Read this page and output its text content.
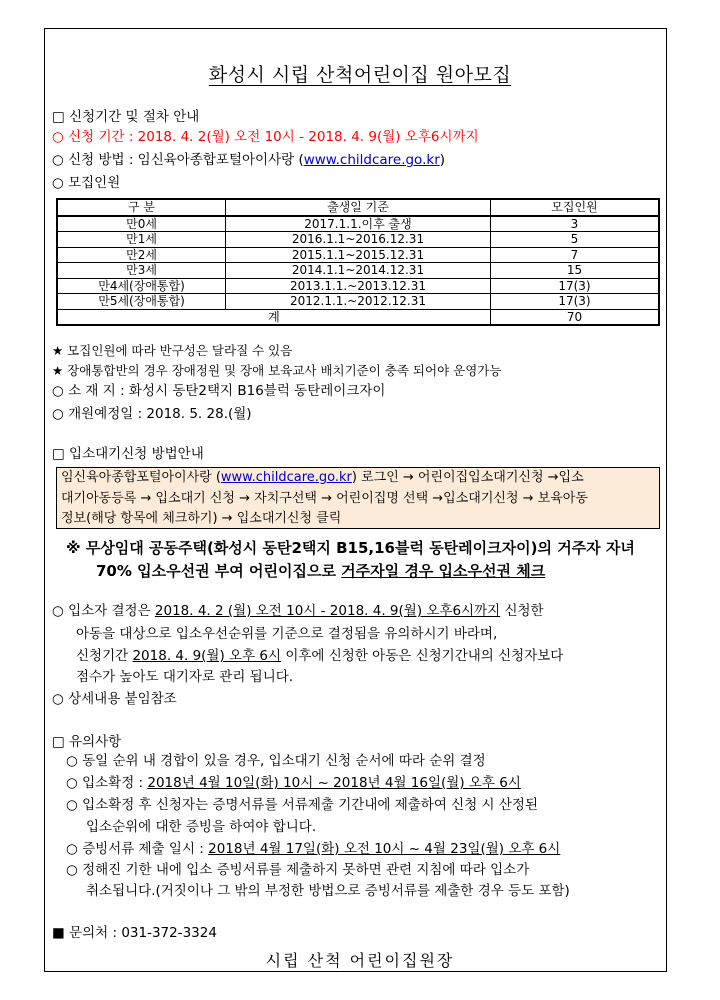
화성시 시립 산척어린이집 원아모집
□ 신청기간 및 절차 안내
○ 신청 기간 : 2018. 4. 2(월) 오전 10시 - 2018. 4. 9(월) 오후6시까지
○ 신청 방법 : 임신육아종합포털아이사랑 (www.childcare.go.kr)
○ 모집인원
구 분	출생일 기준	모집인원
만0세	2017.1.1.이후 출생	3
만1세	2016.1.1~2016.12.31	5
만2세	2015.1.1~2015.12.31	7
만3세	2014.1.1~2014.12.31	15
만4세(장애통합)	2013.1.1.~2013.12.31	17(3)
만5세(장애통합)	2012.1.1.~2012.12.31	17(3)
계		70
★ 모집인원에 따라 반구성은 달라질 수 있음
★ 장애통합반의 경우 장애정원 및 장애 보육교사 배치기준이 충족 되어야 운영가능
○ 소 재 지 : 화성시 동탄2택지 B16블럭 동탄레이크자이
○ 개원예정일 : 2018. 5. 28.(월)
□ 입소대기신청 방법안내
임신육아종합포털아이사랑 (www.childcare.go.kr) 로그인 → 어린이집입소대기신청 →입소
대기아동등록 → 입소대기 신청 → 자치구선택 → 어린이집명 선택 →입소대기신청 → 보육아동
정보(해당 항목에 체크하기) → 입소대기신청 클릭
※ 무상임대 공동주택(화성시 동탄2택지 B15,16블럭 동탄레이크자이)의 거주자 자녀
70% 입소우선권 부여 어린이집으로 거주자일 경우 입소우선권 체크
○ 입소자 결정은 2018. 4. 2 (월) 오전 10시 - 2018. 4. 9(월) 오후6시까지 신청한
아동을 대상으로 입소우선순위를 기준으로 결정됨을 유의하시기 바라며,
신청기간 2018. 4. 9(월) 오후 6시 이후에 신청한 아동은 신청기간내의 신청자보다
점수가 높아도 대기자로 관리 됩니다.
○ 상세내용 붙임참조
□ 유의사항
○ 동일 순위 내 경합이 있을 경우, 입소대기 신청 순서에 따라 순위 결정
○ 입소확정 : 2018년 4월 10일(화) 10시 ~ 2018년 4월 16일(월) 오후 6시
○ 입소확정 후 신청자는 증명서류를 서류제출 기간내에 제출하여 신청 시 산정된
입소순위에 대한 증빙을 하여야 합니다.
○ 증빙서류 제출 일시 : 2018년 4월 17일(화) 오전 10시 ~ 4월 23일(월) 오후 6시
○ 정해진 기한 내에 입소 증빙서류를 제출하지 못하면 관련 지침에 따라 입소가
취소됩니다.(거짓이나 그 밖의 부정한 방법으로 증빙서류를 제출한 경우 등도 포함)
■ 문의처 : 031-372-3324
시립 산척 어린이집원장
